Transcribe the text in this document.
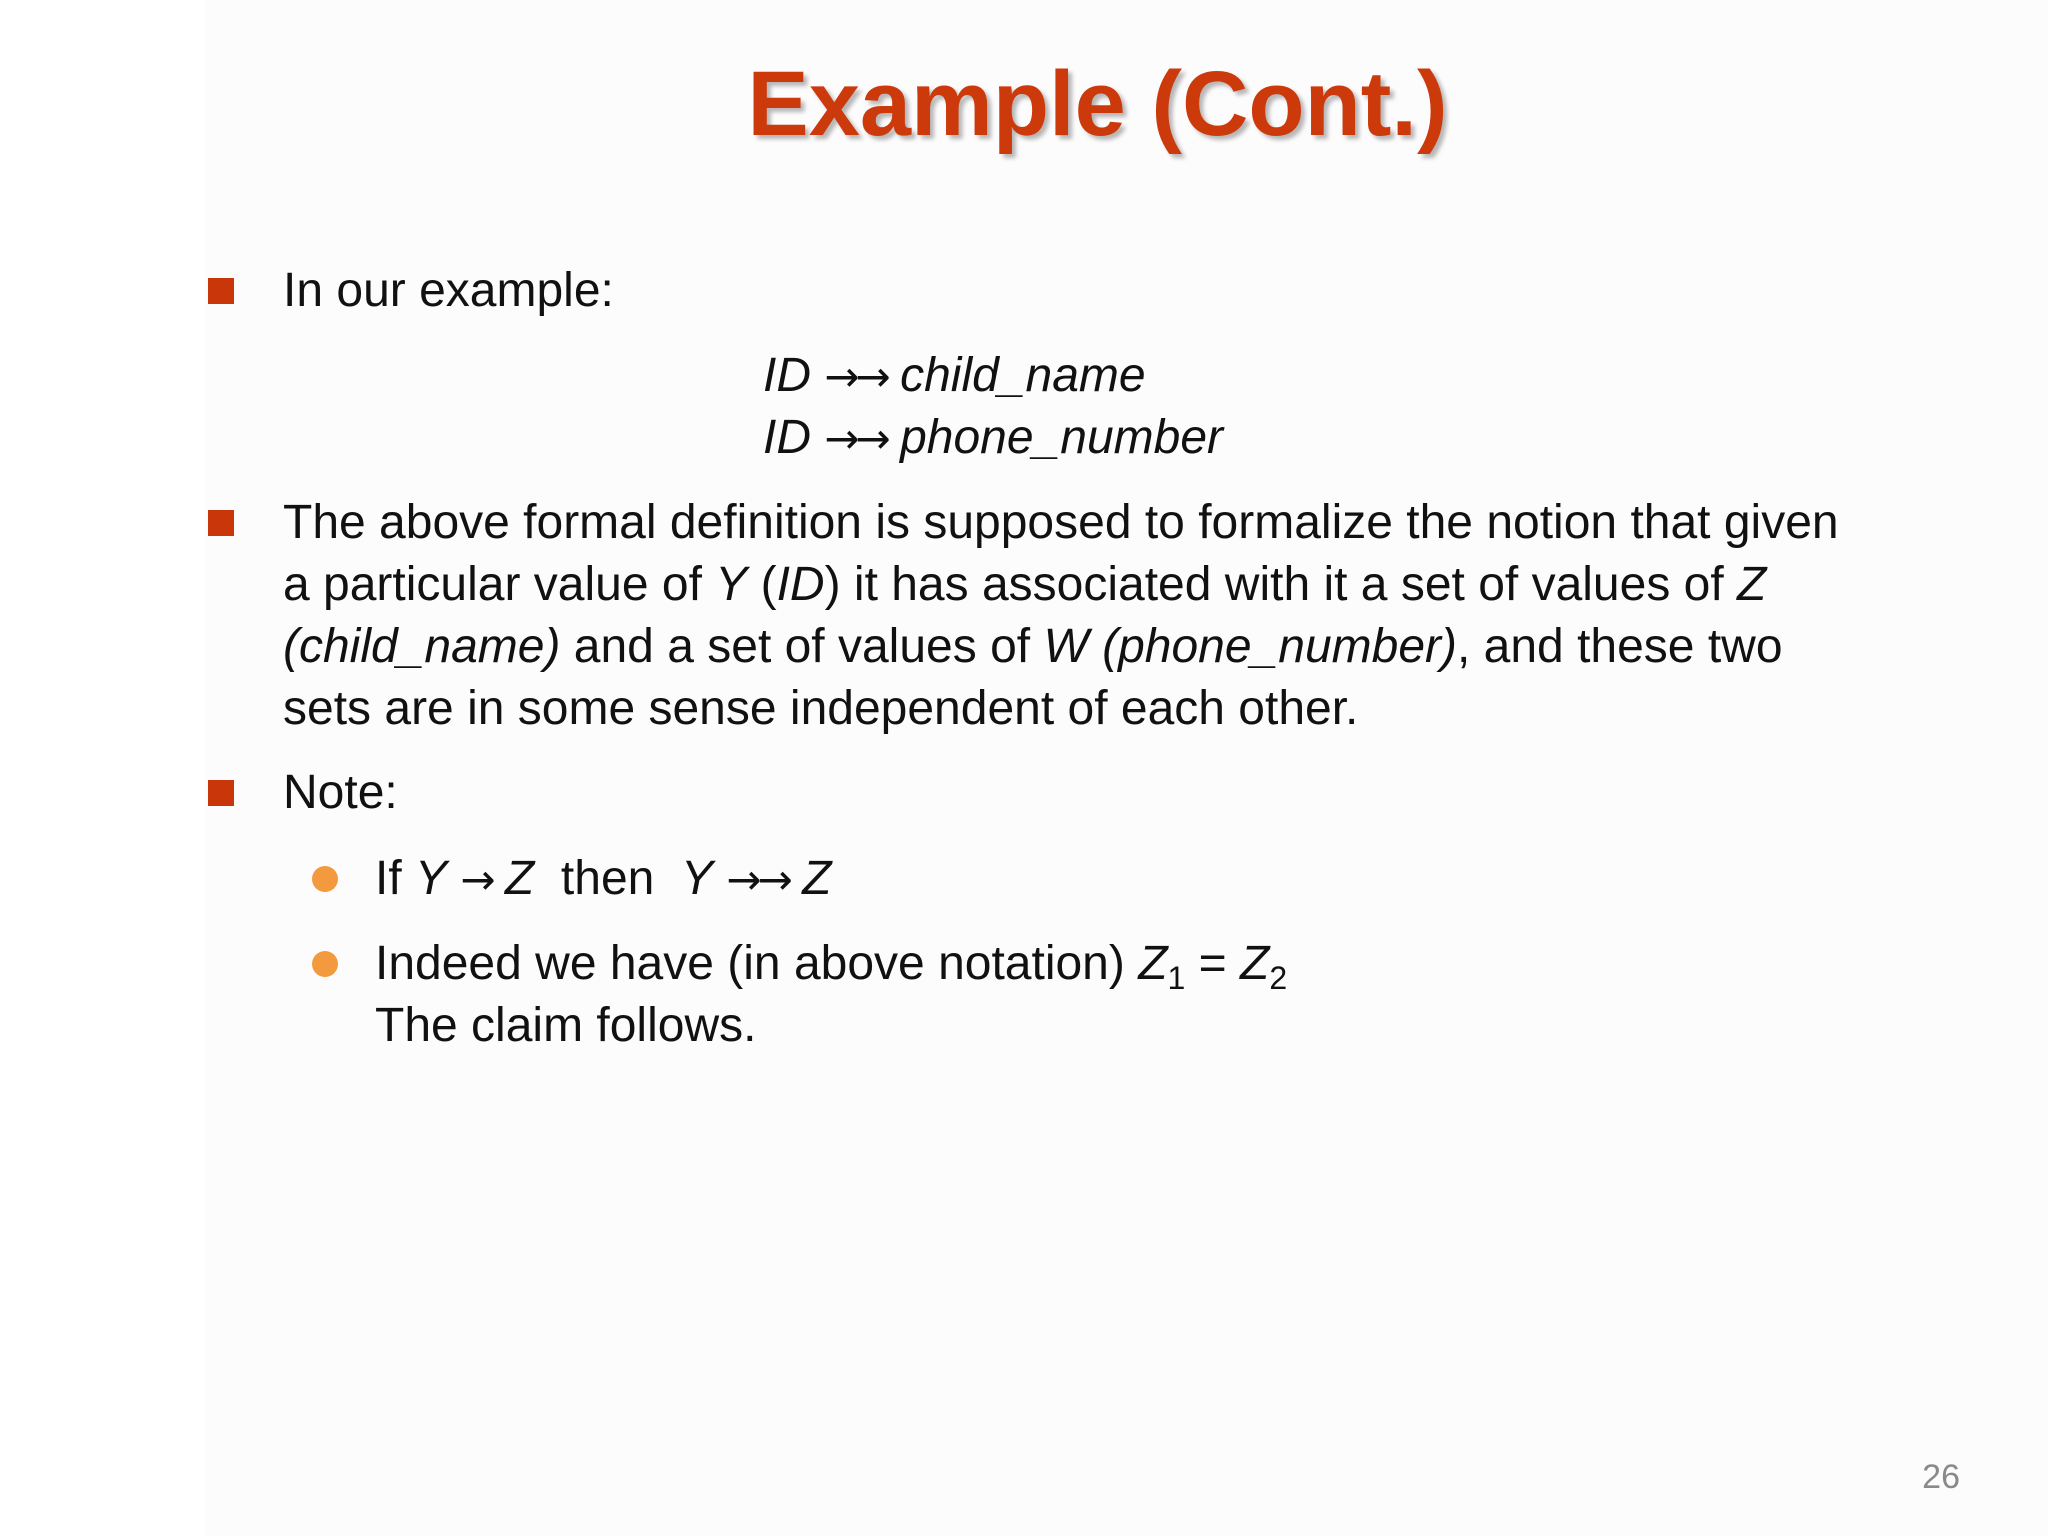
Example (Cont.)
In our example:
ID →→ child_name
ID →→ phone_number
The above formal definition is supposed to formalize the notion that given
a particular value of Y (ID) it has associated with it a set of values of Z
(child_name) and a set of values of W (phone_number), and these two
sets are in some sense independent of each other.
Note:
If Y → Z  then  Y →→ Z
Indeed we have (in above notation) $Z_1 = Z_2$
The claim follows.
26
